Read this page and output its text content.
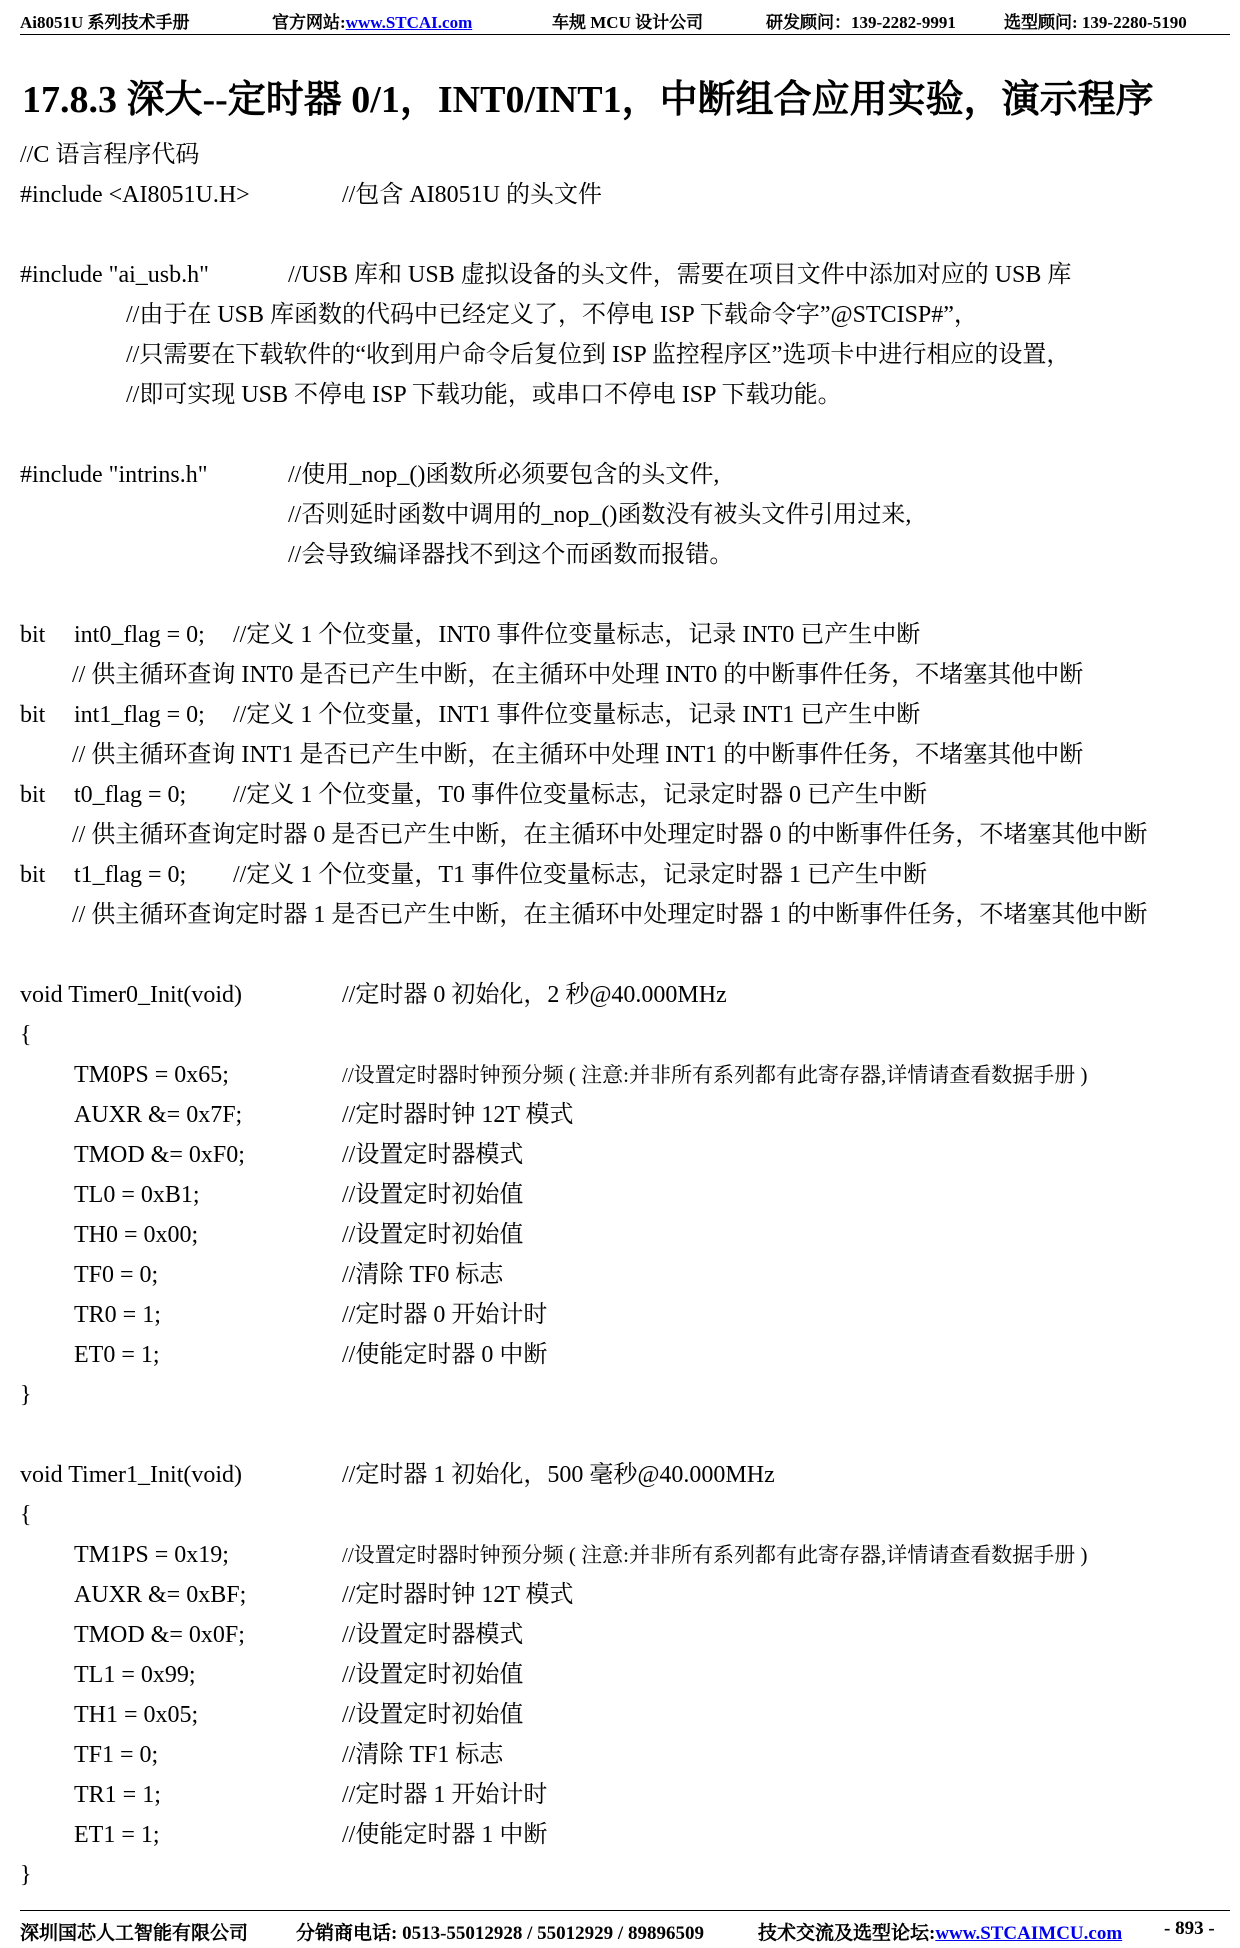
Ai8051U 系列技术手册	官方网站:www.STCAI.com	车规 MCU 设计公司	研发顾问：139-2282-9991	选型顾问: 139-2280-5190
17.8.3 深大--定时器 0/1，INT0/INT1，中断组合应用实验，演示程序
//C 语言程序代码
#include <AI8051U.H>	//包含 AI8051U 的头文件
#include "ai_usb.h"	//USB 库和 USB 虚拟设备的头文件，需要在项目文件中添加对应的 USB 库
//由于在 USB 库函数的代码中已经定义了，不停电 ISP 下载命令字”@STCISP#”，
//只需要在下载软件的“收到用户命令后复位到 ISP 监控程序区”选项卡中进行相应的设置，
//即可实现 USB 不停电 ISP 下载功能，或串口不停电 ISP 下载功能。
#include "intrins.h"	//使用_nop_()函数所必须要包含的头文件,
//否则延时函数中调用的_nop_()函数没有被头文件引用过来,
//会导致编译器找不到这个而函数而报错。
bit int0_flag = 0; //定义 1 个位变量，INT0 事件位变量标志，记录 INT0 已产生中断
// 供主循环查询 INT0 是否已产生中断，在主循环中处理 INT0 的中断事件任务，不堵塞其他中断
bit int1_flag = 0; //定义 1 个位变量，INT1 事件位变量标志，记录 INT1 已产生中断
// 供主循环查询 INT1 是否已产生中断，在主循环中处理 INT1 的中断事件任务，不堵塞其他中断
bit t0_flag = 0; //定义 1 个位变量，T0 事件位变量标志，记录定时器 0 已产生中断
// 供主循环查询定时器 0 是否已产生中断，在主循环中处理定时器 0 的中断事件任务，不堵塞其他中断
bit t1_flag = 0; //定义 1 个位变量，T1 事件位变量标志，记录定时器 1 已产生中断
// 供主循环查询定时器 1 是否已产生中断，在主循环中处理定时器 1 的中断事件任务，不堵塞其他中断
void Timer0_Init(void)	//定时器 0 初始化，2 秒@40.000MHz
{
TM0PS = 0x65;	//设置定时器时钟预分频 ( 注意:并非所有系列都有此寄存器,详情请查看数据手册 )
AUXR &= 0x7F;	//定时器时钟 12T 模式
TMOD &= 0xF0;	//设置定时器模式
TL0 = 0xB1;	//设置定时初始值
TH0 = 0x00;	//设置定时初始值
TF0 = 0;	//清除 TF0 标志
TR0 = 1;	//定时器 0 开始计时
ET0 = 1;	//使能定时器 0 中断
}
void Timer1_Init(void)	//定时器 1 初始化，500 毫秒@40.000MHz
{
TM1PS = 0x19;	//设置定时器时钟预分频 ( 注意:并非所有系列都有此寄存器,详情请查看数据手册 )
AUXR &= 0xBF;	//定时器时钟 12T 模式
TMOD &= 0x0F;	//设置定时器模式
TL1 = 0x99;	//设置定时初始值
TH1 = 0x05;	//设置定时初始值
TF1 = 0;	//清除 TF1 标志
TR1 = 1;	//定时器 1 开始计时
ET1 = 1;	//使能定时器 1 中断
}
深圳国芯人工智能有限公司	分销商电话: 0513-55012928 / 55012929 / 89896509	技术交流及选型论坛:www.STCAIMCU.com - 893 -
